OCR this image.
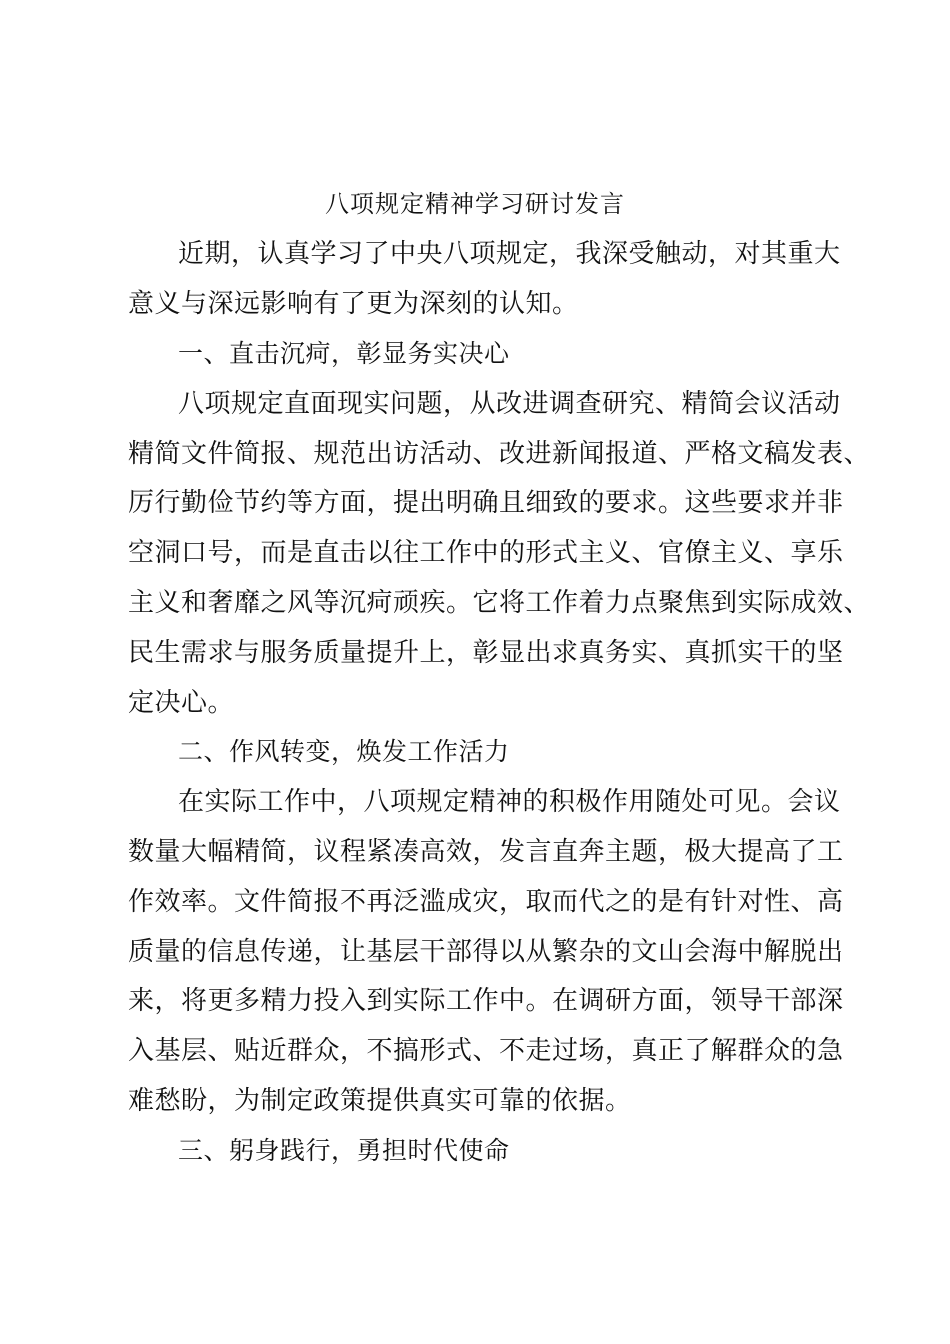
八项规定精神学习研讨发言
近期，认真学习了中央八项规定，我深受触动，对其重大
意义与深远影响有了更为深刻的认知。
一、直击沉疴，彰显务实决心
八项规定直面现实问题，从改进调查研究、精简会议活动
精简文件简报、规范出访活动、改进新闻报道、严格文稿发表、
厉行勤俭节约等方面，提出明确且细致的要求。这些要求并非
空洞口号，而是直击以往工作中的形式主义、官僚主义、享乐
主义和奢靡之风等沉疴顽疾。它将工作着力点聚焦到实际成效、
民生需求与服务质量提升上，彰显出求真务实、真抓实干的坚
定决心。
二、作风转变，焕发工作活力
在实际工作中，八项规定精神的积极作用随处可见。会议
数量大幅精简，议程紧凑高效，发言直奔主题，极大提高了工
作效率。文件简报不再泛滥成灾，取而代之的是有针对性、高
质量的信息传递，让基层干部得以从繁杂的文山会海中解脱出
来，将更多精力投入到实际工作中。在调研方面，领导干部深
入基层、贴近群众，不搞形式、不走过场，真正了解群众的急
难愁盼，为制定政策提供真实可靠的依据。
三、躬身践行，勇担时代使命
